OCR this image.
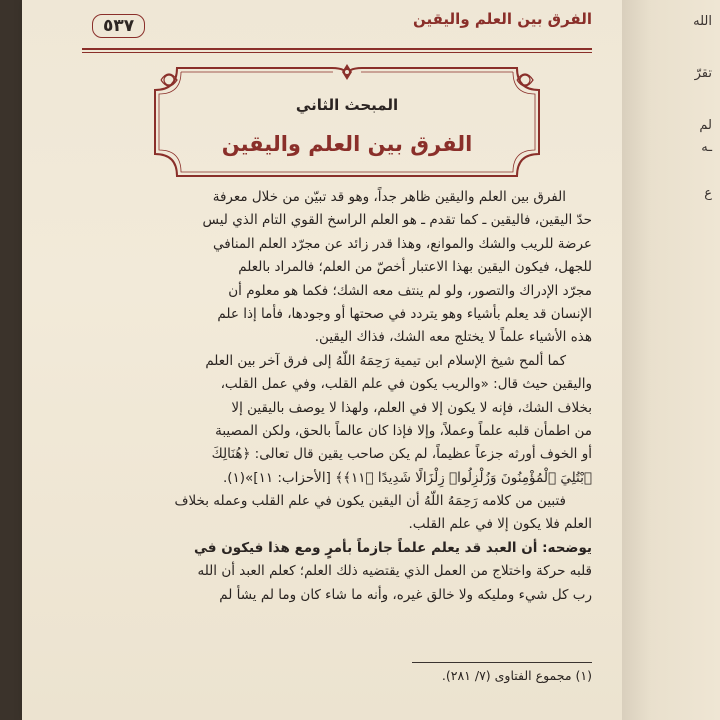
الفرق بين العلم واليقين
٥٣٧
المبحث الثاني
الفرق بين العلم واليقين
الفرق بين العلم واليقين ظاهر جداً، وهو قد تبيّن من خلال معرفة
حدّ اليقين، فاليقين ـ كما تقدم ـ هو العلم الراسخ القوي التام الذي ليس
عرضة للريب والشك والموانع، وهذا قدر زائد عن مجرّد العلم المنافي
للجهل، فيكون اليقين بهذا الاعتبار أخصّ من العلم؛ فالمراد بالعلم
مجرّد الإدراك والتصور، ولو لم ينتف معه الشك؛ فكما هو معلوم أن
الإنسان قد يعلم بأشياء وهو يتردد في صحتها أو وجودها، فأما إذا علم
هذه الأشياء علماً لا يختلج معه الشك، فذاك اليقين.
كما ألمح شيخ الإسلام ابن تيمية رَحِمَهُ اللَّهُ إلى فرق آخر بين العلم
واليقين حيث قال: «والريب يكون في علم القلب، وفي عمل القلب،
بخلاف الشك، فإنه لا يكون إلا في العلم، ولهذا لا يوصف باليقين إلا
من اطمأن قلبه علماً وعملاً، وإلا فإذا كان عالماً بالحق، ولكن المصيبة
أو الخوف أورثه جزعاً عظيماً، لم يكن صاحب يقين قال تعالى: ﴿هُنَالِكَ
ٱبْتُلِيَ ٱلْمُؤْمِنُونَ وَزُلْزِلُوا۟ زِلْزَالًا شَدِيدًا ﴿١١﴾﴾ [الأحزاب: ١١]»(١).
فتبين من كلامه رَحِمَهُ اللَّهُ أن اليقين يكون في علم القلب وعمله بخلاف
العلم فلا يكون إلا في علم القلب.
يوضحه: أن العبد قد يعلم علماً جازماً بأمرٍ ومع هذا فيكون في
قلبه حركة واختلاج من العمل الذي يقتضيه ذلك العلم؛ كعلم العبد أن الله
رب كل شيء ومليكه ولا خالق غيره، وأنه ما شاء كان وما لم يشأ لم
(١) مجموع الفتاوى (٧/ ٢٨١).
الله
تقرّ
لم
ـه
ع
